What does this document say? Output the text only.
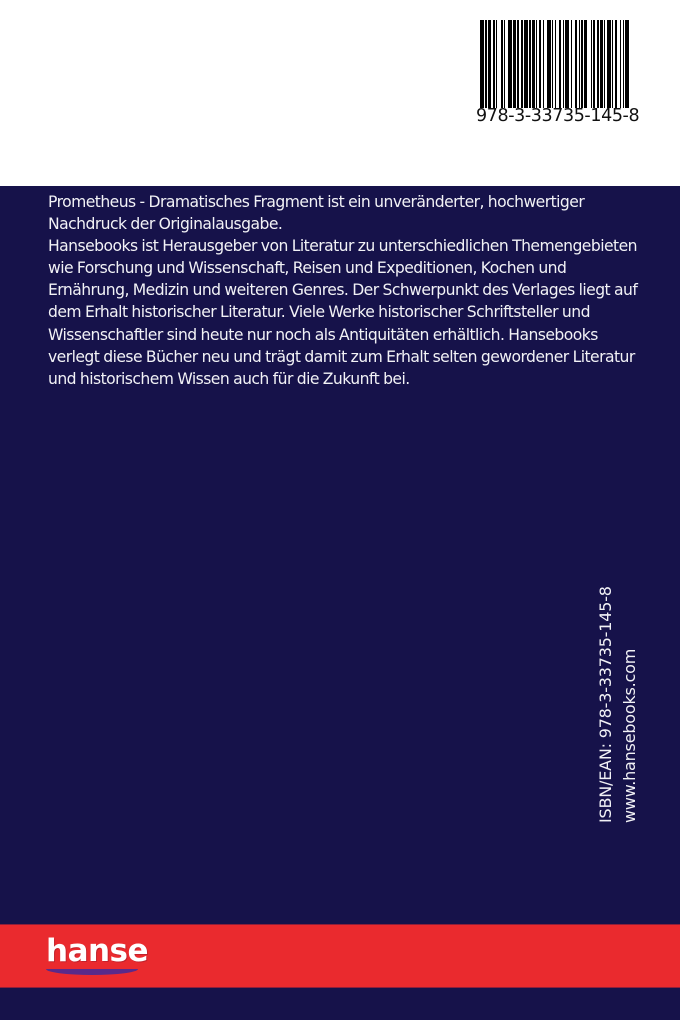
978-3-33735-145-8

Prometheus - Dramatisches Fragment ist ein unveränderter, hochwertiger Nachdruck der Originalausgabe.

Hansebooks ist Herausgeber von Literatur zu unterschiedlichen Themengebieten wie Forschung und Wissenschaft, Reisen und Expeditionen, Kochen und Ernährung, Medizin und weiteren Genres. Der Schwerpunkt des Verlages liegt auf dem Erhalt historischer Literatur. Viele Werke historischer Schriftsteller und Wissenschaftler sind heute nur noch als Antiquitäten erhältlich. Hansebooks verlegt diese Bücher neu und trägt damit zum Erhalt selten gewordener Literatur und historischem Wissen auch für die Zukunft bei.

ISBN/EAN: 978-3-33735-145-8 www.hansebooks.com
hanse
